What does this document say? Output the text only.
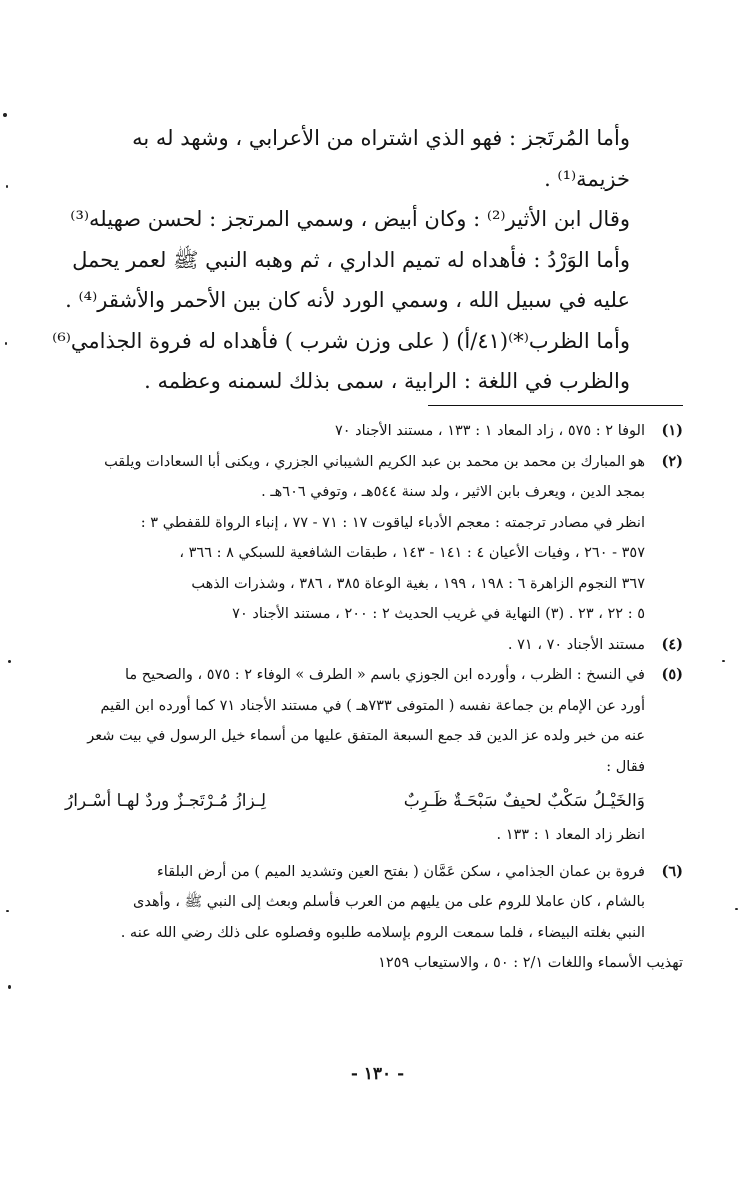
وأما المُرتَجز : فهو الذي اشتراه من الأعرابي ، وشهد له به
خزيمة⁽¹⁾ .
وقال ابن الأثير⁽²⁾ : وكان أبيض ، وسمي المرتجز : لحسن صهيله⁽³⁾
وأما الوَرْدُ : فأهداه له تميم الداري ، ثم وهبه النبي ﷺ لعمر يحمل
عليه في سبيل الله ، وسمي الورد لأنه كان بين الأحمر والأشقر⁽⁴⁾ .
وأما الظرب⁽*⁾(٤١/أ) ( على وزن شرب ) فأهداه له فروة الجذامي⁽⁶⁾
والظرب في اللغة : الرابية ، سمى بذلك لسمنه وعظمه .
(١)
الوفا ٢ : ٥٧٥ ، زاد المعاد ١ : ١٣٣ ، مستند الأجناد ٧٠
(٢)
هو المبارك بن محمد بن محمد بن عبد الكريم الشيباني الجزري ، ويكنى أبا السعادات ويلقب
بمجد الدين ، ويعرف بابن الاثير ، ولد سنة ٥٤٤هـ ، وتوفي ٦٠٦هـ .
انظر في مصادر ترجمته : معجم الأدباء لياقوت ١٧ : ٧١ - ٧٧ ، إنباء الرواة للقفطي ٣ :
٣٥٧ - ٢٦٠ ، وفيات الأعيان ٤ : ١٤١ - ١٤٣ ، طبقات الشافعية للسبكي ٨ : ٣٦٦ ،
٣٦٧ النجوم الزاهرة ٦ : ١٩٨ ، ١٩٩ ، بغية الوعاة ٣٨٥ ، ٣٨٦ ، وشذرات الذهب
٥ : ٢٢ ، ٢٣ . (٣) النهاية في غريب الحديث ٢ : ٢٠٠ ، مستند الأجناد ٧٠
(٤)
مستند الأجناد ٧٠ ، ٧١ .
(٥)
في النسخ : الظرب ، وأورده ابن الجوزي باسم « الطرف » الوفاء ٢ : ٥٧٥ ، والصحيح ما
أورد عن الإمام بن جماعة نفسه ( المتوفى ٧٣٣هـ ) في مستند الأجناد ٧١ كما أورده ابن القيم
عنه من خبر ولده عز الدين قد جمع السبعة المتفق عليها من أسماء خيل الرسول في بيت شعر
فقال :
وَالخَيْـلُ سَكْبٌ لحيفٌ سَبْحَـةٌ ظَـرِبٌ
لِـزازُ مُـرْتَجـزٌ وردٌ لهـا أسْـرارُ
انظر زاد المعاد ١ : ١٣٣ .
(٦)
فروة بن عمان الجذامي ، سكن عَمَّان ( بفتح العين وتشديد الميم ) من أرض البلقاء
بالشام ، كان عاملا للروم على من يليهم من العرب فأسلم وبعث إلى النبي ﷺ ، وأهدى
النبي بغلته البيضاء ، فلما سمعت الروم بإسلامه طلبوه وفصلوه على ذلك رضي الله عنه .
تهذيب الأسماء واللغات ٢/١ : ٥٠ ، والاستيعاب ١٢٥٩
- ١٣٠ -
